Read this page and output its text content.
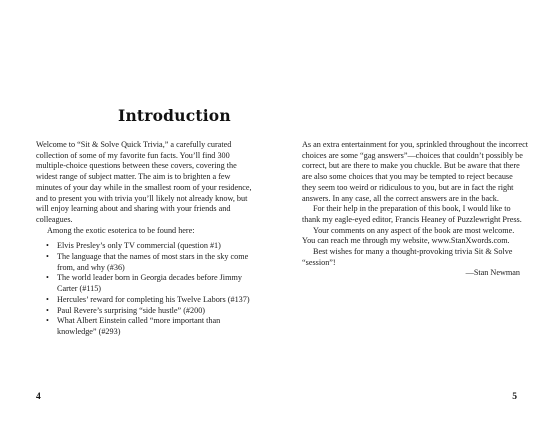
Introduction

Welcome to “Sit & Solve Quick Trivia,” a carefully curated collection of some of my favorite fun facts. You’ll find 300 multiple-choice questions between these covers, covering the widest range of subject matter. The aim is to brighten a few minutes of your day while in the smallest room of your residence, and to present you with trivia you’ll likely not already know, but will enjoy learning about and sharing with your friends and colleagues.

Among the exotic esoterica to be found here:

• Elvis Presley’s only TV commercial (question #1)
• The language that the names of most stars in the sky come from, and why (#36)
• The world leader born in Georgia decades before Jimmy Carter (#115)
• Hercules’ reward for completing his Twelve Labors (#137)
• Paul Revere’s surprising “side hustle” (#200)
• What Albert Einstein called “more important than knowledge” (#293)
4

As an extra entertainment for you, sprinkled throughout the incorrect choices are some “gag answers”—choices that couldn’t possibly be correct, but are there to make you chuckle. But be aware that there are also some choices that you may be tempted to reject because they seem too weird or ridiculous to you, but are in fact the right answers. In any case, all the correct answers are in the back.

For their help in the preparation of this book, I would like to thank my eagle-eyed editor, Francis Heaney of Puzzlewright Press.

Your comments on any aspect of the book are most welcome. You can reach me through my website, www.StanXwords.com.

Best wishes for many a thought-provoking trivia Sit & Solve “session”!

—Stan Newman

5
